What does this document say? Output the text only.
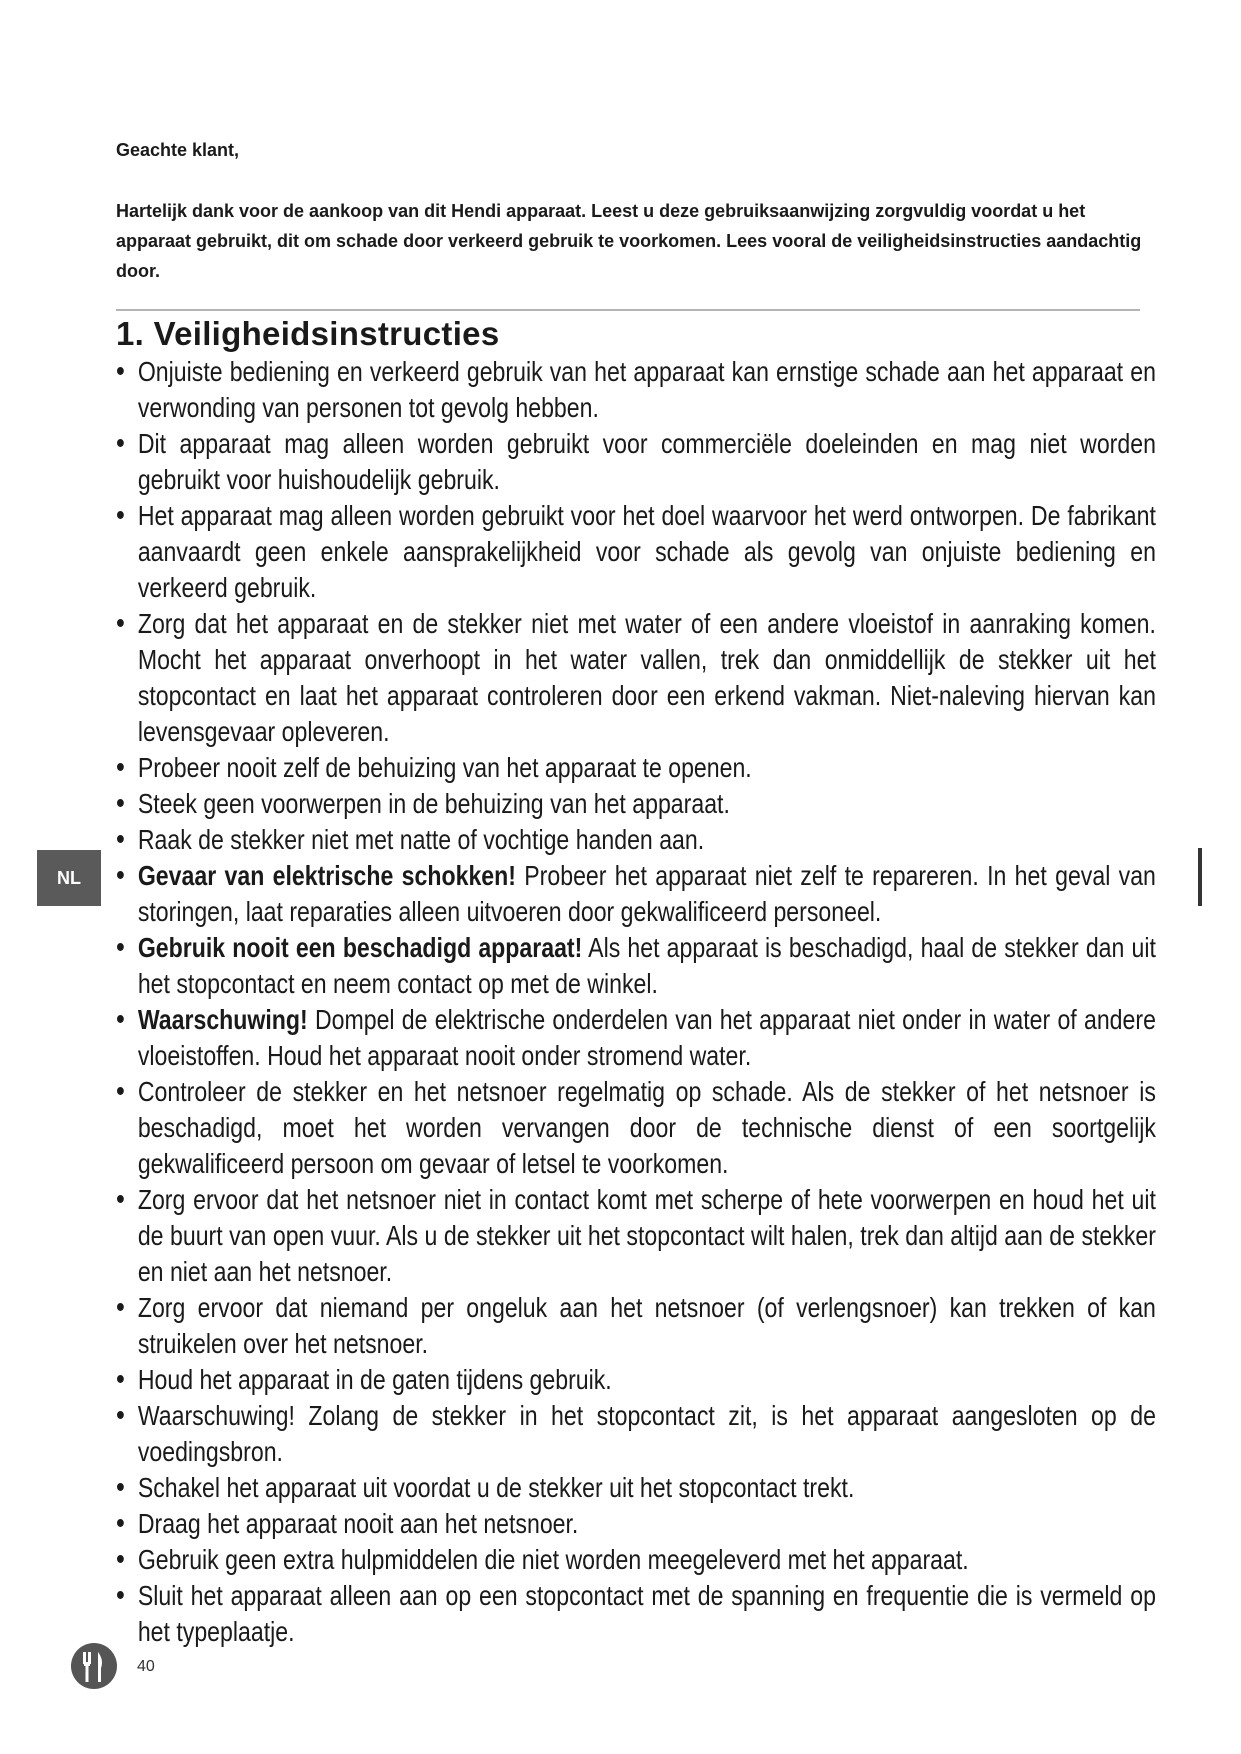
Geachte klant,

Hartelijk dank voor de aankoop van dit Hendi apparaat. Leest u deze gebruiksaanwijzing zorgvuldig voordat u het apparaat gebruikt, dit om schade door verkeerd gebruik te voorkomen. Lees vooral de veiligheidsinstructies aandachtig door.

1. Veiligheidsinstructies
• Onjuiste bediening en verkeerd gebruik van het apparaat kan ernstige schade aan het apparaat en verwonding van personen tot gevolg hebben.
• Dit apparaat mag alleen worden gebruikt voor commerciële doeleinden en mag niet worden gebruikt voor huishoudelijk gebruik.
• Het apparaat mag alleen worden gebruikt voor het doel waarvoor het werd ontworpen. De fabrikant aanvaardt geen enkele aansprakelijkheid voor schade als gevolg van onjuiste bediening en verkeerd gebruik.
• Zorg dat het apparaat en de stekker niet met water of een andere vloeistof in aanraking komen. Mocht het apparaat onverhoopt in het water vallen, trek dan onmiddellijk de stekker uit het stopcontact en laat het apparaat controleren door een erkend vakman. Niet-naleving hiervan kan levensgevaar opleveren.
• Probeer nooit zelf de behuizing van het apparaat te openen.
• Steek geen voorwerpen in de behuizing van het apparaat.
• Raak de stekker niet met natte of vochtige handen aan.
• Gevaar van elektrische schokken! Probeer het apparaat niet zelf te repareren. In het geval van storingen, laat reparaties alleen uitvoeren door gekwalificeerd personeel.
• Gebruik nooit een beschadigd apparaat! Als het apparaat is beschadigd, haal de stekker dan uit het stopcontact en neem contact op met de winkel.
• Waarschuwing! Dompel de elektrische onderdelen van het apparaat niet onder in water of andere vloeistoffen. Houd het apparaat nooit onder stromend water.
• Controleer de stekker en het netsnoer regelmatig op schade. Als de stekker of het netsnoer is beschadigd, moet het worden vervangen door de technische dienst of een soortgelijk gekwalificeerd persoon om gevaar of letsel te voorkomen.
• Zorg ervoor dat het netsnoer niet in contact komt met scherpe of hete voorwerpen en houd het uit de buurt van open vuur. Als u de stekker uit het stopcontact wilt halen, trek dan altijd aan de stekker en niet aan het netsnoer.
• Zorg ervoor dat niemand per ongeluk aan het netsnoer (of verlengsnoer) kan trekken of kan struikelen over het netsnoer.
• Houd het apparaat in de gaten tijdens gebruik.
• Waarschuwing! Zolang de stekker in het stopcontact zit, is het apparaat aangesloten op de voedingsbron.
• Schakel het apparaat uit voordat u de stekker uit het stopcontact trekt.
• Draag het apparaat nooit aan het netsnoer.
• Gebruik geen extra hulpmiddelen die niet worden meegeleverd met het apparaat.
• Sluit het apparaat alleen aan op een stopcontact met de spanning en frequentie die is vermeld op het typeplaatje.
NL
40
